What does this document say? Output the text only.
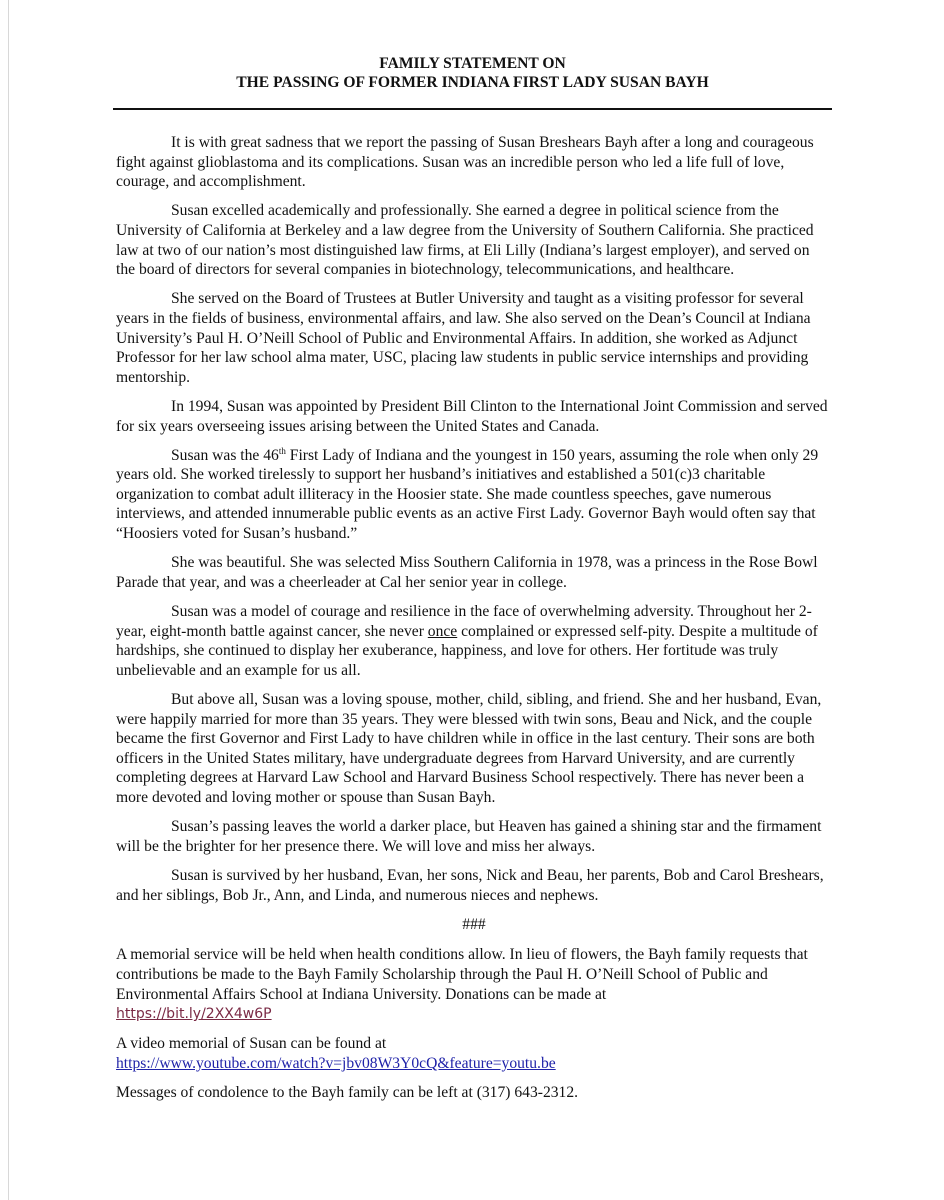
FAMILY STATEMENT ON
THE PASSING OF FORMER INDIANA FIRST LADY SUSAN BAYH

It is with great sadness that we report the passing of Susan Breshears Bayh after a long and courageous fight against glioblastoma and its complications. Susan was an incredible person who led a life full of love, courage, and accomplishment.

Susan excelled academically and professionally. She earned a degree in political science from the University of California at Berkeley and a law degree from the University of Southern California. She practiced law at two of our nation’s most distinguished law firms, at Eli Lilly (Indiana’s largest employer), and served on the board of directors for several companies in biotechnology, telecommunications, and healthcare.

She served on the Board of Trustees at Butler University and taught as a visiting professor for several years in the fields of business, environmental affairs, and law. She also served on the Dean’s Council at Indiana University’s Paul H. O’Neill School of Public and Environmental Affairs. In addition, she worked as Adjunct Professor for her law school alma mater, USC, placing law students in public service internships and providing mentorship.

In 1994, Susan was appointed by President Bill Clinton to the International Joint Commission and served for six years overseeing issues arising between the United States and Canada.

Susan was the 46th First Lady of Indiana and the youngest in 150 years, assuming the role when only 29 years old. She worked tirelessly to support her husband’s initiatives and established a 501(c)3 charitable organization to combat adult illiteracy in the Hoosier state. She made countless speeches, gave numerous interviews, and attended innumerable public events as an active First Lady. Governor Bayh would often say that “Hoosiers voted for Susan’s husband.”

She was beautiful. She was selected Miss Southern California in 1978, was a princess in the Rose Bowl Parade that year, and was a cheerleader at Cal her senior year in college.

Susan was a model of courage and resilience in the face of overwhelming adversity. Throughout her 2-year, eight-month battle against cancer, she never once complained or expressed self-pity. Despite a multitude of hardships, she continued to display her exuberance, happiness, and love for others. Her fortitude was truly unbelievable and an example for us all.

But above all, Susan was a loving spouse, mother, child, sibling, and friend. She and her husband, Evan, were happily married for more than 35 years. They were blessed with twin sons, Beau and Nick, and the couple became the first Governor and First Lady to have children while in office in the last century. Their sons are both officers in the United States military, have undergraduate degrees from Harvard University, and are currently completing degrees at Harvard Law School and Harvard Business School respectively. There has never been a more devoted and loving mother or spouse than Susan Bayh.

Susan’s passing leaves the world a darker place, but Heaven has gained a shining star and the firmament will be the brighter for her presence there. We will love and miss her always.

Susan is survived by her husband, Evan, her sons, Nick and Beau, her parents, Bob and Carol Breshears, and her siblings, Bob Jr., Ann, and Linda, and numerous nieces and nephews.

###

A memorial service will be held when health conditions allow. In lieu of flowers, the Bayh family requests that contributions be made to the Bayh Family Scholarship through the Paul H. O’Neill School of Public and Environmental Affairs School at Indiana University. Donations can be made at
https://bit.ly/2XX4w6P

A video memorial of Susan can be found at
https://www.youtube.com/watch?v=jbv08W3Y0cQ&feature=youtu.be

Messages of condolence to the Bayh family can be left at (317) 643-2312.
